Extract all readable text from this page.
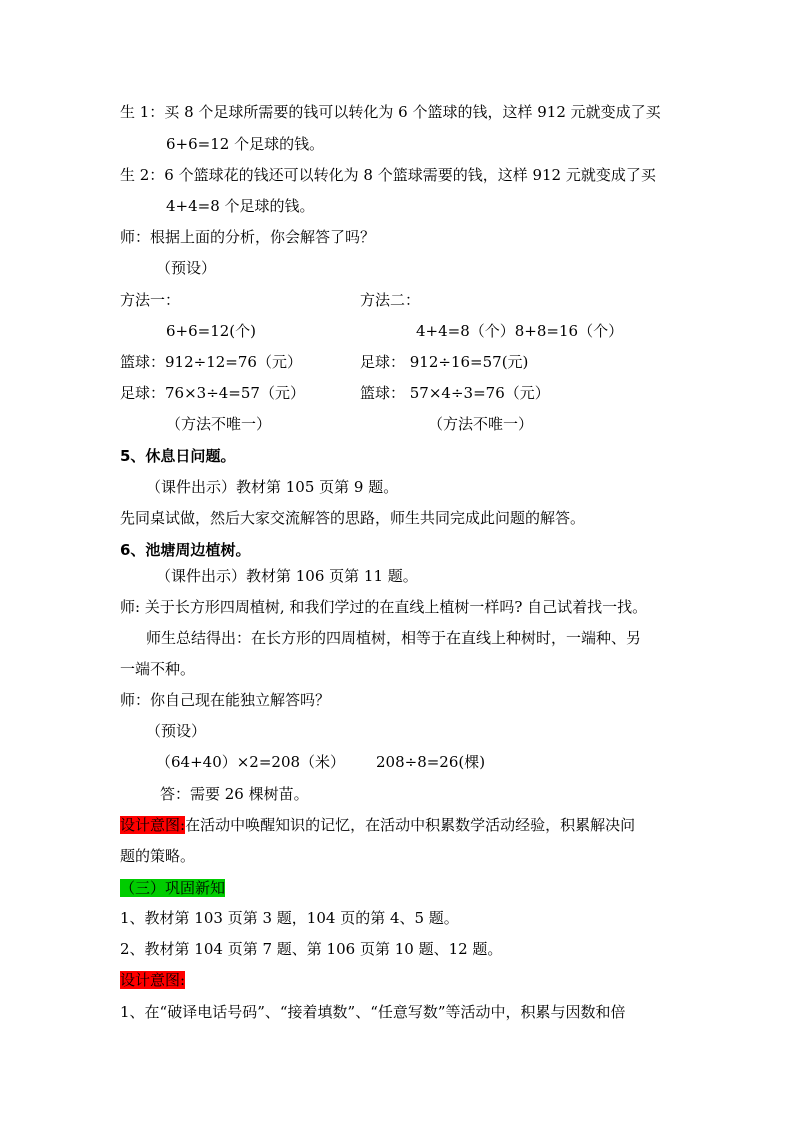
生 1：买 8 个足球所需要的钱可以转化为 6 个篮球的钱，这样 912 元就变成了买
6+6=12 个足球的钱。
生 2：6 个篮球花的钱还可以转化为 8 个篮球需要的钱，这样 912 元就变成了买
4+4=8 个足球的钱。
师：根据上面的分析，你会解答了吗？
（预设）
方法一：	方法二：
6+6=12(个)	4+4=8（个）8+8=16（个）
篮球：912÷12=76（元）	足球： 912÷16=57(元)
足球：76×3÷4=57（元）	篮球： 57×4÷3=76（元）
（方法不唯一）	（方法不唯一）
5、休息日问题。
（课件出示）教材第 105 页第 9 题。
先同桌试做，然后大家交流解答的思路，师生共同完成此问题的解答。
6、池塘周边植树。
（课件出示）教材第 106 页第 11 题。
师: 关于长方形四周植树, 和我们学过的在直线上植树一样吗? 自己试着找一找。
师生总结得出：在长方形的四周植树，相等于在直线上种树时，一端种、另
一端不种。
师：你自己现在能独立解答吗？
（预设）
（64+40）×2=208（米） 208÷8=26(棵)
答：需要 26 棵树苗。
设计意图:在活动中唤醒知识的记忆，在活动中积累数学活动经验，积累解决问
题的策略。
（三）巩固新知
1、教材第 103 页第 3 题，104 页的第 4、5 题。
2、教材第 104 页第 7 题、第 106 页第 10 题、12 题。
设计意图:
1、在“破译电话号码”、“接着填数”、“任意写数”等活动中，积累与因数和倍
